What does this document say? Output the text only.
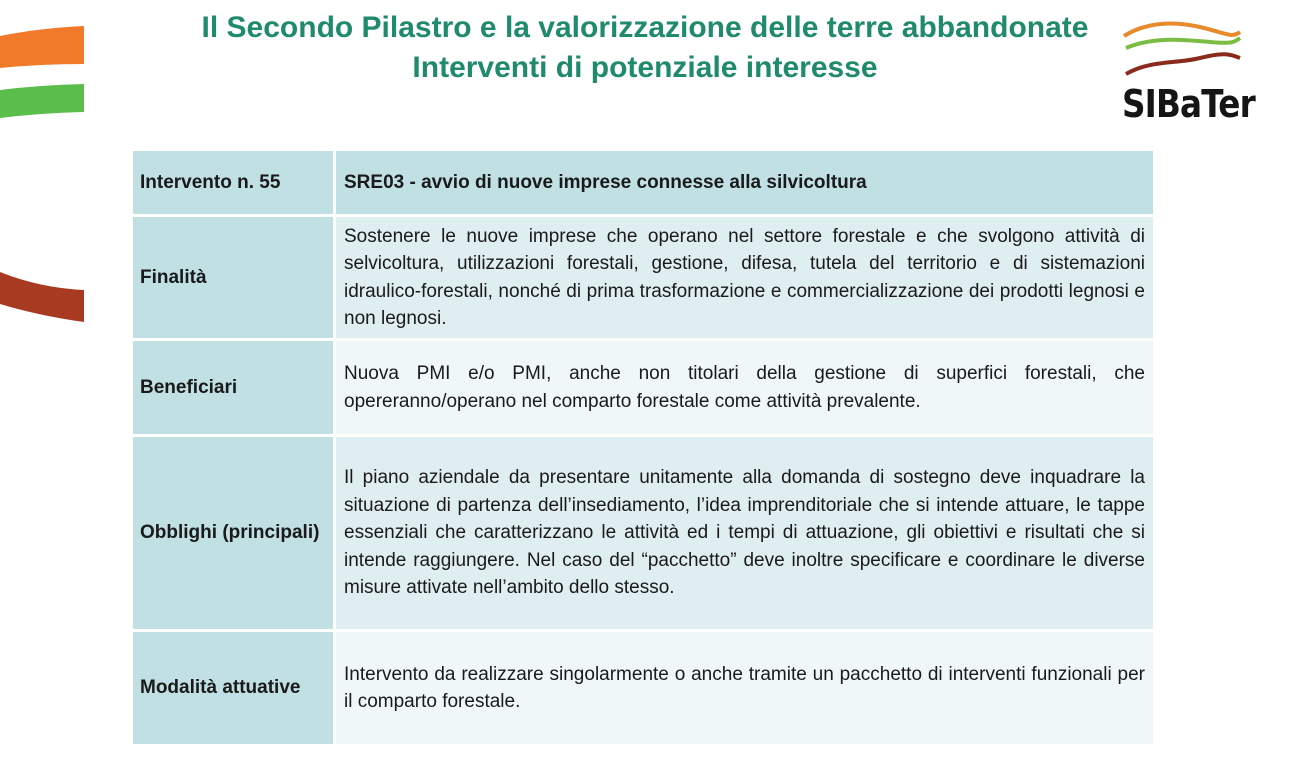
Il Secondo Pilastro e la valorizzazione delle terre abbandonate
Interventi di potenziale interesse
SIBaTer
Intervento n. 55	SRE03 - avvio di nuove imprese connesse alla silvicoltura
Finalità	Sostenere le nuove imprese che operano nel settore forestale e che svolgono attività di selvicoltura, utilizzazioni forestali, gestione, difesa, tutela del territorio e di sistemazioni idraulico-forestali, nonché di prima trasformazione e commercializzazione dei prodotti legnosi e non legnosi.
Beneficiari	Nuova PMI e/o PMI, anche non titolari della gestione di superfici forestali, che opereranno/operano nel comparto forestale come attività prevalente.
Obblighi (principali)	Il piano aziendale da presentare unitamente alla domanda di sostegno deve inquadrare la situazione di partenza dell’insediamento, l’idea imprenditoriale che si intende attuare, le tappe essenziali che caratterizzano le attività ed i tempi di attuazione, gli obiettivi e risultati che si intende raggiungere. Nel caso del “pacchetto” deve inoltre specificare e coordinare le diverse misure attivate nell’ambito dello stesso.
Modalità attuative	Intervento da realizzare singolarmente o anche tramite un pacchetto di interventi funzionali per il comparto forestale.
